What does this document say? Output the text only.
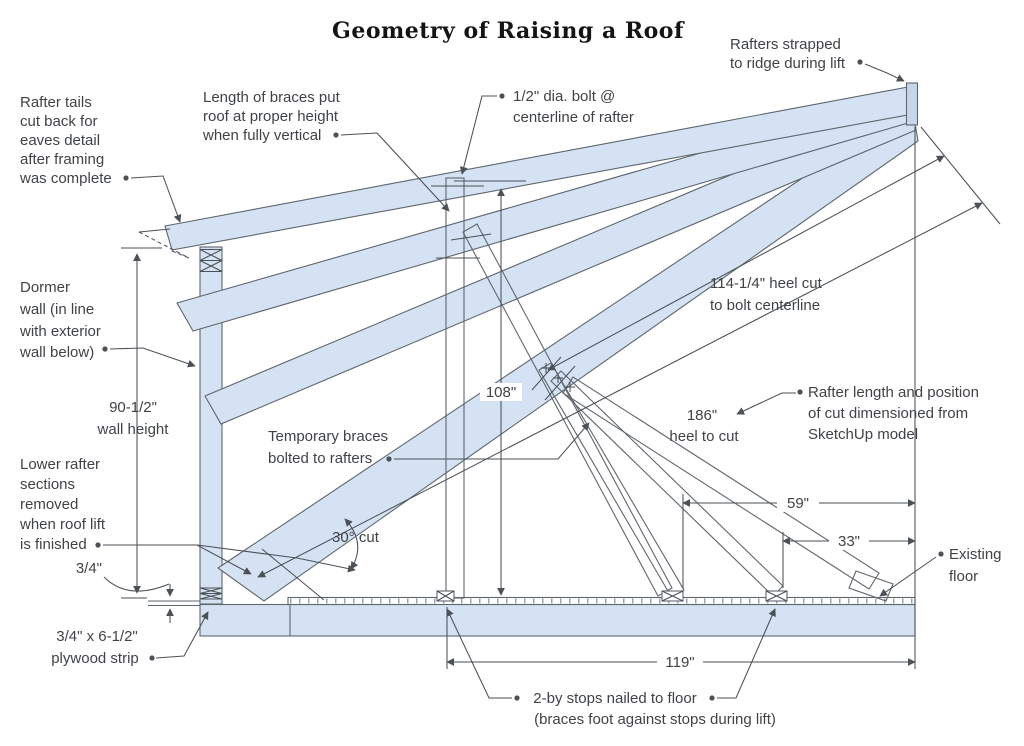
Geometry of Raising a Roof
Rafter tails
cut back for
eaves detail
after framing
was complete
Length of braces put
roof at proper height
when fully vertical
1/2" dia. bolt @
centerline of rafter
Rafters strapped
to ridge during lift
Dormer
wall (in line
with exterior
wall below)
90-1/2"
wall height
Lower rafter
sections
removed
when roof lift
is finished
3/4"
3/4" x 6-1/2"
plywood strip
Temporary braces
bolted to rafters
30° cut
108"
114-1/4" heel cut
to bolt centerline
186"
heel to cut
Rafter length and position
of cut dimensioned from
SketchUp model
59"
33"
119"
Existing
floor
2-by stops nailed to floor
(braces foot against stops during lift)
